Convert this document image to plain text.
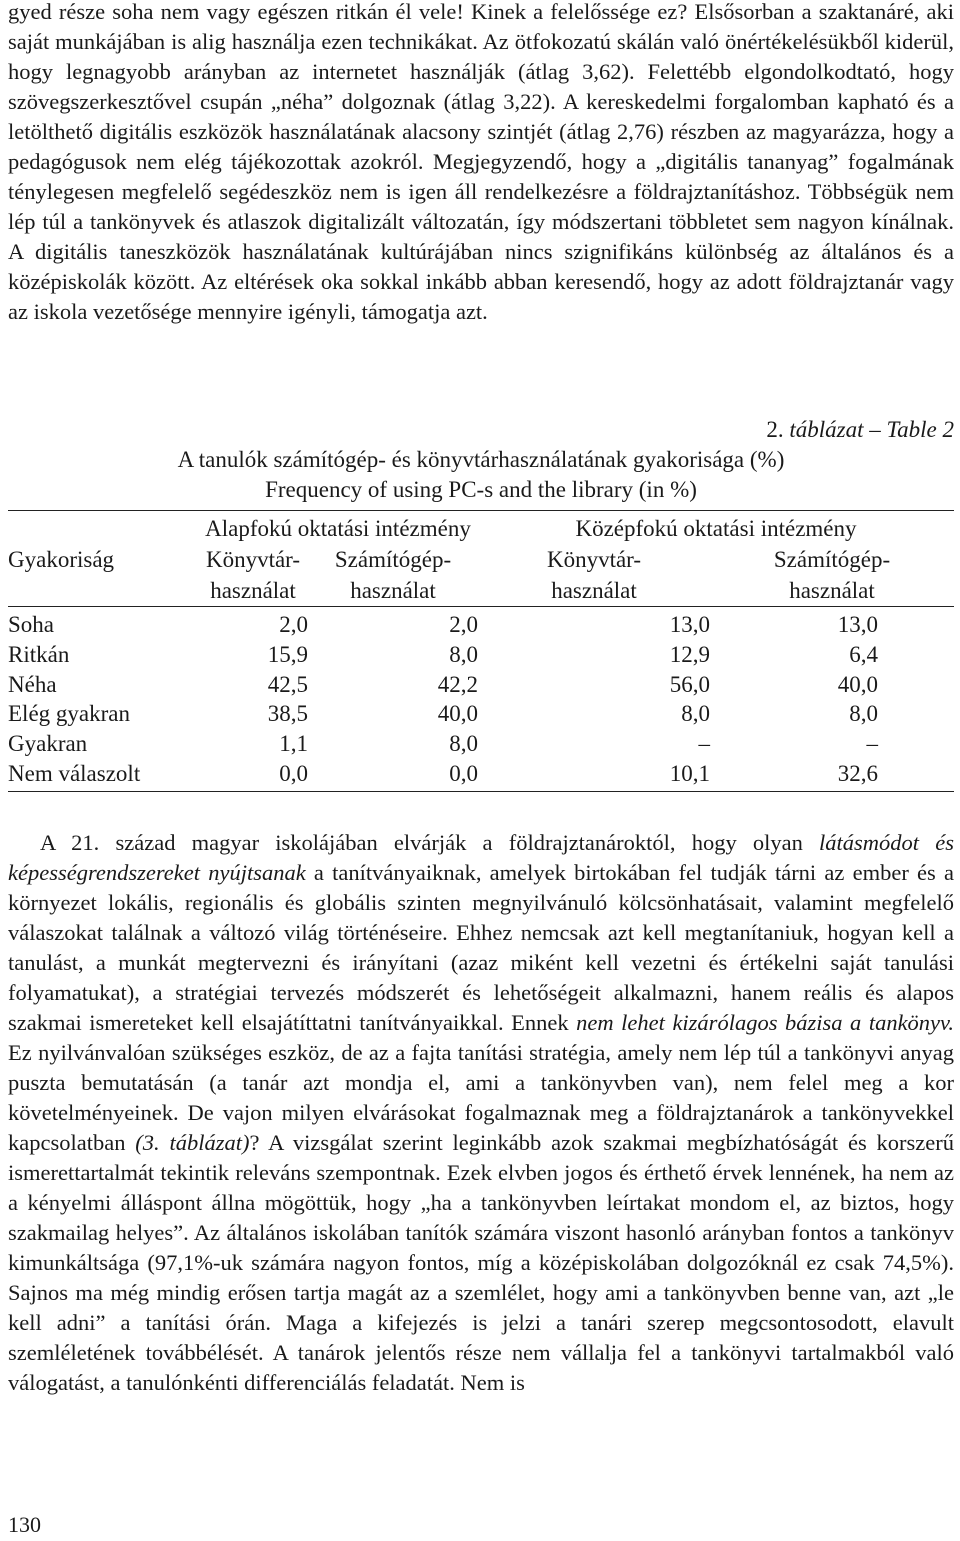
gyed része soha nem vagy egészen ritkán él vele! Kinek a felelőssége ez? Elsősorban a szaktanáré, aki saját munkájában is alig használja ezen technikákat. Az ötfokozatú skálán való önértékelésükből kiderül, hogy legnagyobb arányban az internetet használják (átlag 3,62). Felettébb elgondolkodtató, hogy szövegszerkesztővel csupán „néha” dolgoznak (átlag 3,22). A kereskedelmi forgalomban kapható és a letölthető digitális eszközök használatának alacsony szintjét (átlag 2,76) részben az magyarázza, hogy a pedagógusok nem elég tájékozottak azokról. Megjegyzendő, hogy a „digitális tananyag” fogalmának ténylegesen megfelelő segédeszköz nem is igen áll rendelkezésre a földrajztanításhoz. Többségük nem lép túl a tankönyvek és atlaszok digitalizált változatán, így módszertani többletet sem nagyon kínálnak. A digitális taneszközök használatának kultúrájában nincs szignifikáns különbség az általános és a középiskolák között. Az eltérések oka sokkal inkább abban keresendő, hogy az adott földrajztanár vagy az iskola vezetősége mennyire igényli, támogatja azt.

2. táblázat – Table 2
A tanulók számítógép- és könyvtárhasználatának gyakorisága (%)
Frequency of using PC-s and the library (in %)
	Alapfokú oktatási intézmény		Középfokú oktatási intézmény		
Gyakoriság	Könyvtár-	Számítógép-	Könyvtár-	Számítógép-	
	használat	használat	használat	használat	
Soha	2,0	2,0	13,0	13,0	
Ritkán	15,9	8,0	12,9	6,4	
Néha	42,5	42,2	56,0	40,0	
Elég gyakran	38,5	40,0	8,0	8,0	
Gyakran	1,1	8,0	–	–	
Nem válaszolt	0,0	0,0	10,1	32,6	

A 21. század magyar iskolájában elvárják a földrajztanároktól, hogy olyan látásmódot és képességrendszereket nyújtsanak a tanítványaiknak, amelyek birtokában fel tudják tárni az ember és a környezet lokális, regionális és globális szinten megnyilvánuló kölcsönhatásait, valamint megfelelő válaszokat találnak a változó világ történéseire. Ehhez nemcsak azt kell megtanítaniuk, hogyan kell a tanulást, a munkát megtervezni és irányítani (azaz miként kell vezetni és értékelni saját tanulási folyamatukat), a stratégiai tervezés módszerét és lehetőségeit alkalmazni, hanem reális és alapos szakmai ismereteket kell elsajátíttatni tanítványaikkal. Ennek nem lehet kizárólagos bázisa a tankönyv. Ez nyilvánvalóan szükséges eszköz, de az a fajta tanítási stratégia, amely nem lép túl a tankönyvi anyag puszta bemutatásán (a tanár azt mondja el, ami a tankönyvben van), nem felel meg a kor követelményeinek. De vajon milyen elvárásokat fogalmaznak meg a földrajztanárok a tankönyvekkel kapcsolatban (3. táblázat)? A vizsgálat szerint leginkább azok szakmai megbízhatóságát és korszerű ismerettartalmát tekintik releváns szempontnak. Ezek elvben jogos és érthető érvek lennének, ha nem az a kényelmi álláspont állna mögöttük, hogy „ha a tankönyvben leírtakat mondom el, az biztos, hogy szakmailag helyes”. Az általános iskolában tanítók számára viszont hasonló arányban fontos a tankönyv kimunkáltsága (97,1%-uk számára nagyon fontos, míg a középiskolában dolgozóknál ez csak 74,5%). Sajnos ma még mindig erősen tartja magát az a szemlélet, hogy ami a tankönyvben benne van, azt „le kell adni” a tanítási órán. Maga a kifejezés is jelzi a tanári szerep megcsontosodott, elavult szemléletének továbbélését. A tanárok jelentős része nem vállalja fel a tankönyvi tartalmakból való válogatást, a tanulónkénti differenciálás feladatát. Nem is

130
